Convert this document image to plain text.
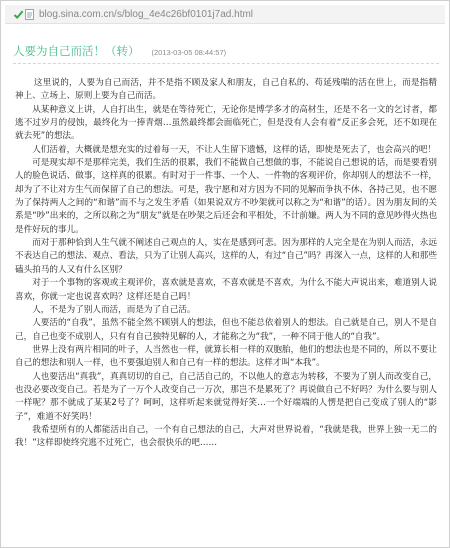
blog.sina.com.cn/s/blog_4e4c26bf0101j7ad.html
人要为自己而活！（转） (2013-03-05 08:44:57)

这里说的，人要为自己而活，并不是指不顾及家人和朋友，自己自私的、苟延残喘的活在世上，而是指精神上、立场上、原则上要为自己而活。

从某种意义上讲，人自打出生，就是在等待死亡，无论你是博学多才的高材生，还是不名一文的乞讨者，都逃不过岁月的侵蚀，最终化为一捧青烟…虽然最终都会面临死亡，但是没有人会有着“反正多会死，还不如现在就去死”的想法。

人们活着，大概就是想充实的过着每一天，不让人生留下遗憾，这样的话，即使是死去了，也会高兴的吧！

可是现实却不是那样完美，我们生活的很累，我们不能做自己想做的事，不能说自己想说的话，而是要看别人的脸色说话、做事，这样真的很累。有时对于一件事、一个人、一件物的客观评价，你却别人的想法不一样，却为了不让对方生气而保留了自己的想法。可是，我宁愿和对方因为不同的见解而争执不休、各持己见，也不愿为了保持两人之间的“和谐”而不与之发生矛盾（如果说双方不吵架就可以称之为“和谐”的话）。因为朋友间的关系是“吵”出来的，之所以称之为“朋友”就是在吵架之后还会和平相处，不计前嫌。两人为不同的意见吵得火热也是件好玩的事儿。

而对于那种恰到人生气就不阐述自己观点的人，实在是感到可悲。因为那样的人完全是在为别人而活，永远不表达自己的想法、观点、看法，只为了让别人高兴，这样的人，有过“自己”吗？再深入一点，这样的人和那些磕头拍马的人又有什么区别？

对于一个事物的客观或主观评价，喜欢就是喜欢，不喜欢就是不喜欢，为什么不能大声说出来，难道别人说喜欢，你就一定也说喜欢吗？这样还是自己吗！

人，不是为了别人而活，而是为了自己活。

人要活的“自我”，虽然不能全然不顾别人的想法，但也不能总依着别人的想法。自己就是自己，别人不是自己，自己也变不成别人，只有有自己独特见解的人，才能称之为“我”，一种不同于他人的“自我”。

世界上没有两片相同的叶子，人当然也一样，就算长相一样的双胞胎，他们的想法也是不同的，所以不要让自己的想法和别人一样，也不要强迫别人和自己有一样的想法。这样才叫“本我”。

人也要活出“真我”，真真切切的自己，自己活自己的，不以他人的意志为转移，不要为了别人而改变自己，也没必要改变自己。若是为了一万个人改变自己一万次，那岂不是累死了？再说做自己不好吗？为什么要与别人一样呢？那不就成了某某2号了？呵呵，这样听起来就觉得好笑…一个好端端的人愣是把自己变成了别人的“影子”，难道不好笑吗！

我希望所有的人都能活出自己，一个有自己想法的自己，大声对世界说着，“我就是我，世界上独一无二的我！”这样即使终究逃不过死亡，也会很快乐的吧……
